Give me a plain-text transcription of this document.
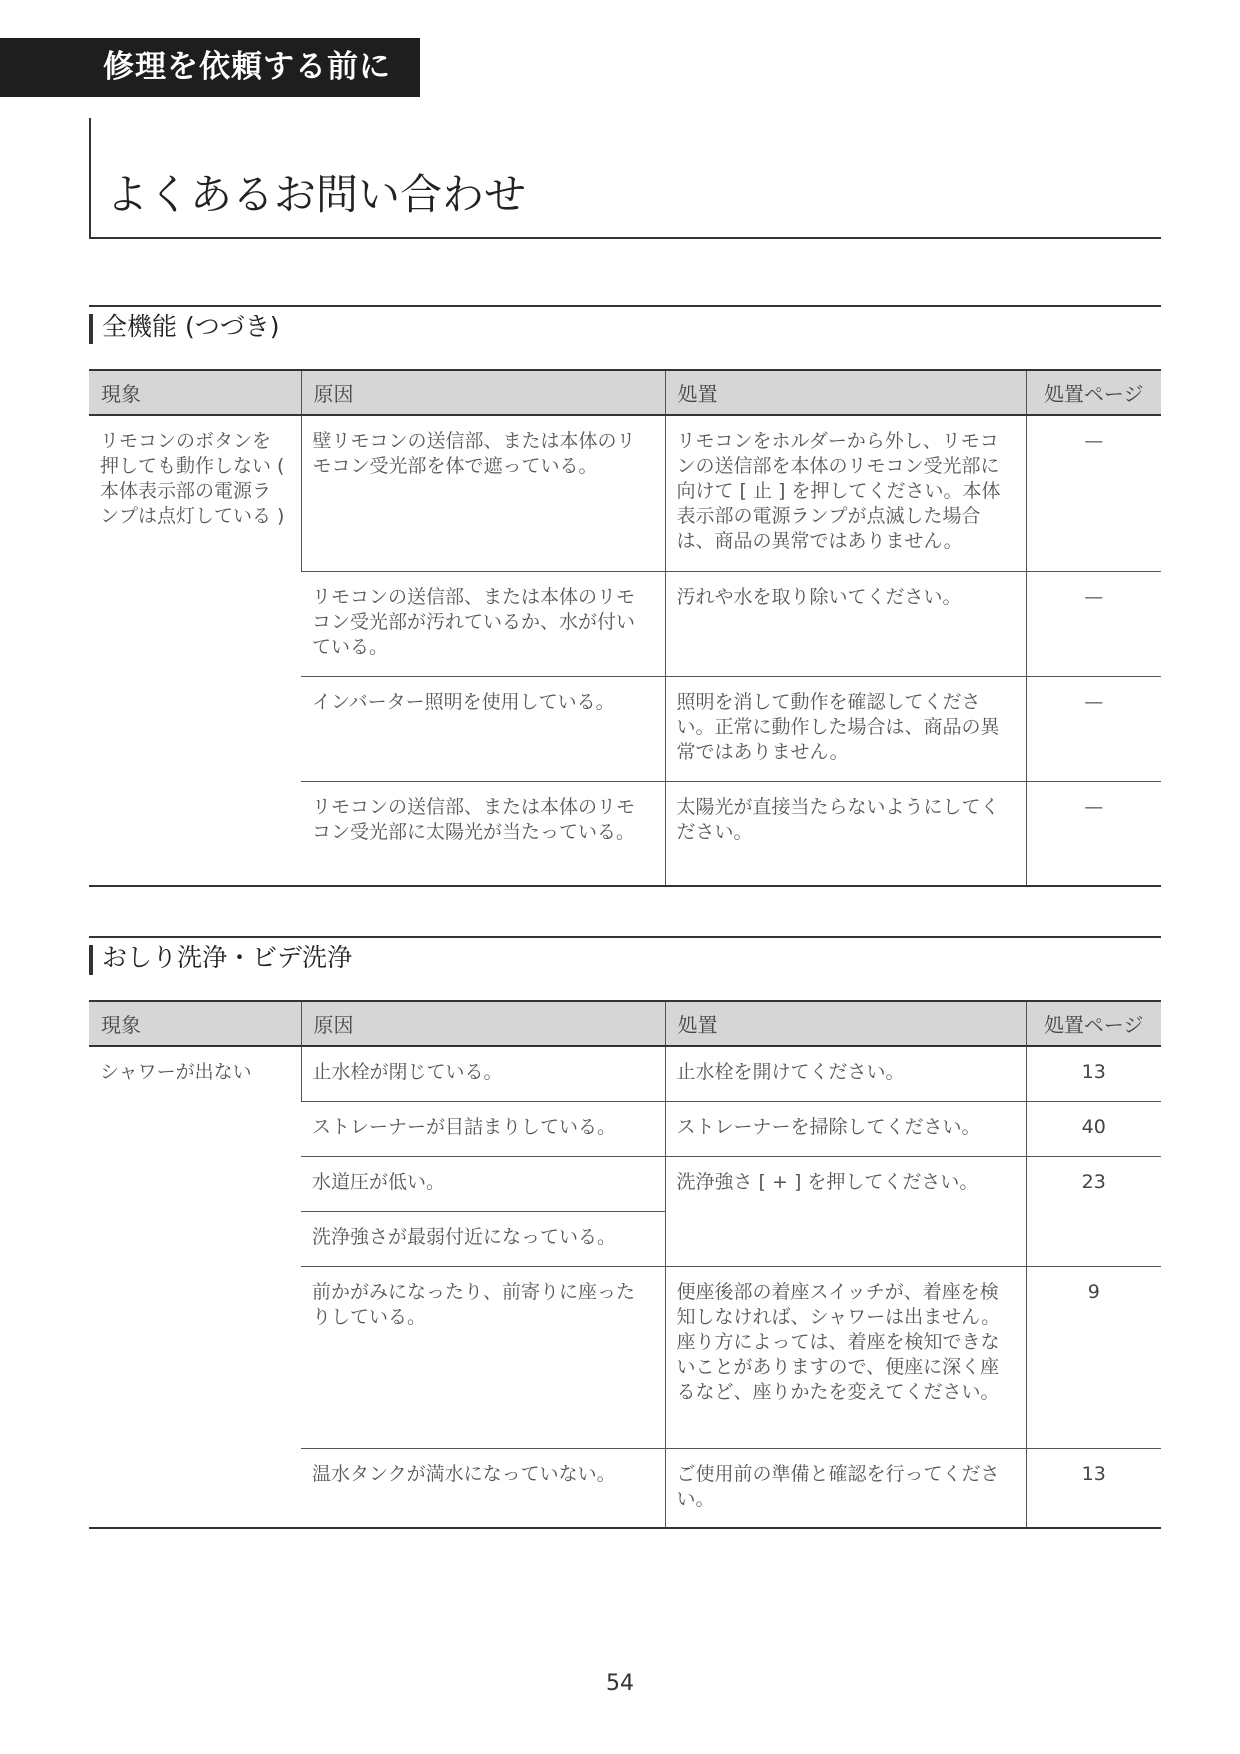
修理を依頼する前に
よくあるお問い合わせ
全機能 (つづき)
現象	原因	処置	処置ページ
リモコンのボタンを押しても動作しない ( 本体表示部の電源ランプは点灯している )	壁リモコンの送信部、または本体のリモコン受光部を体で遮っている。	リモコンをホルダーから外し、リモコンの送信部を本体のリモコン受光部に向けて [ 止 ] を押してください。本体表示部の電源ランプが点滅した場合は、商品の異常ではありません。	—
	リモコンの送信部、または本体のリモコン受光部が汚れているか、水が付いている。	汚れや水を取り除いてください。	—
	インバーター照明を使用している。	照明を消して動作を確認してください。正常に動作した場合は、商品の異常ではありません。	—
	リモコンの送信部、または本体のリモコン受光部に太陽光が当たっている。	太陽光が直接当たらないようにしてください。	—
おしり洗浄・ビデ洗浄
現象	原因	処置	処置ページ
シャワーが出ない	止水栓が閉じている。	止水栓を開けてください。	13
	ストレーナーが目詰まりしている。	ストレーナーを掃除してください。	40
	水道圧が低い。	洗浄強さ [ + ] を押してください。	23
	洗浄強さが最弱付近になっている。		
	前かがみになったり、前寄りに座ったりしている。	便座後部の着座スイッチが、着座を検知しなければ、シャワーは出ません。座り方によっては、着座を検知できないことがありますので、便座に深く座るなど、座りかたを変えてください。	9
	温水タンクが満水になっていない。	ご使用前の準備と確認を行ってください。	13
54
